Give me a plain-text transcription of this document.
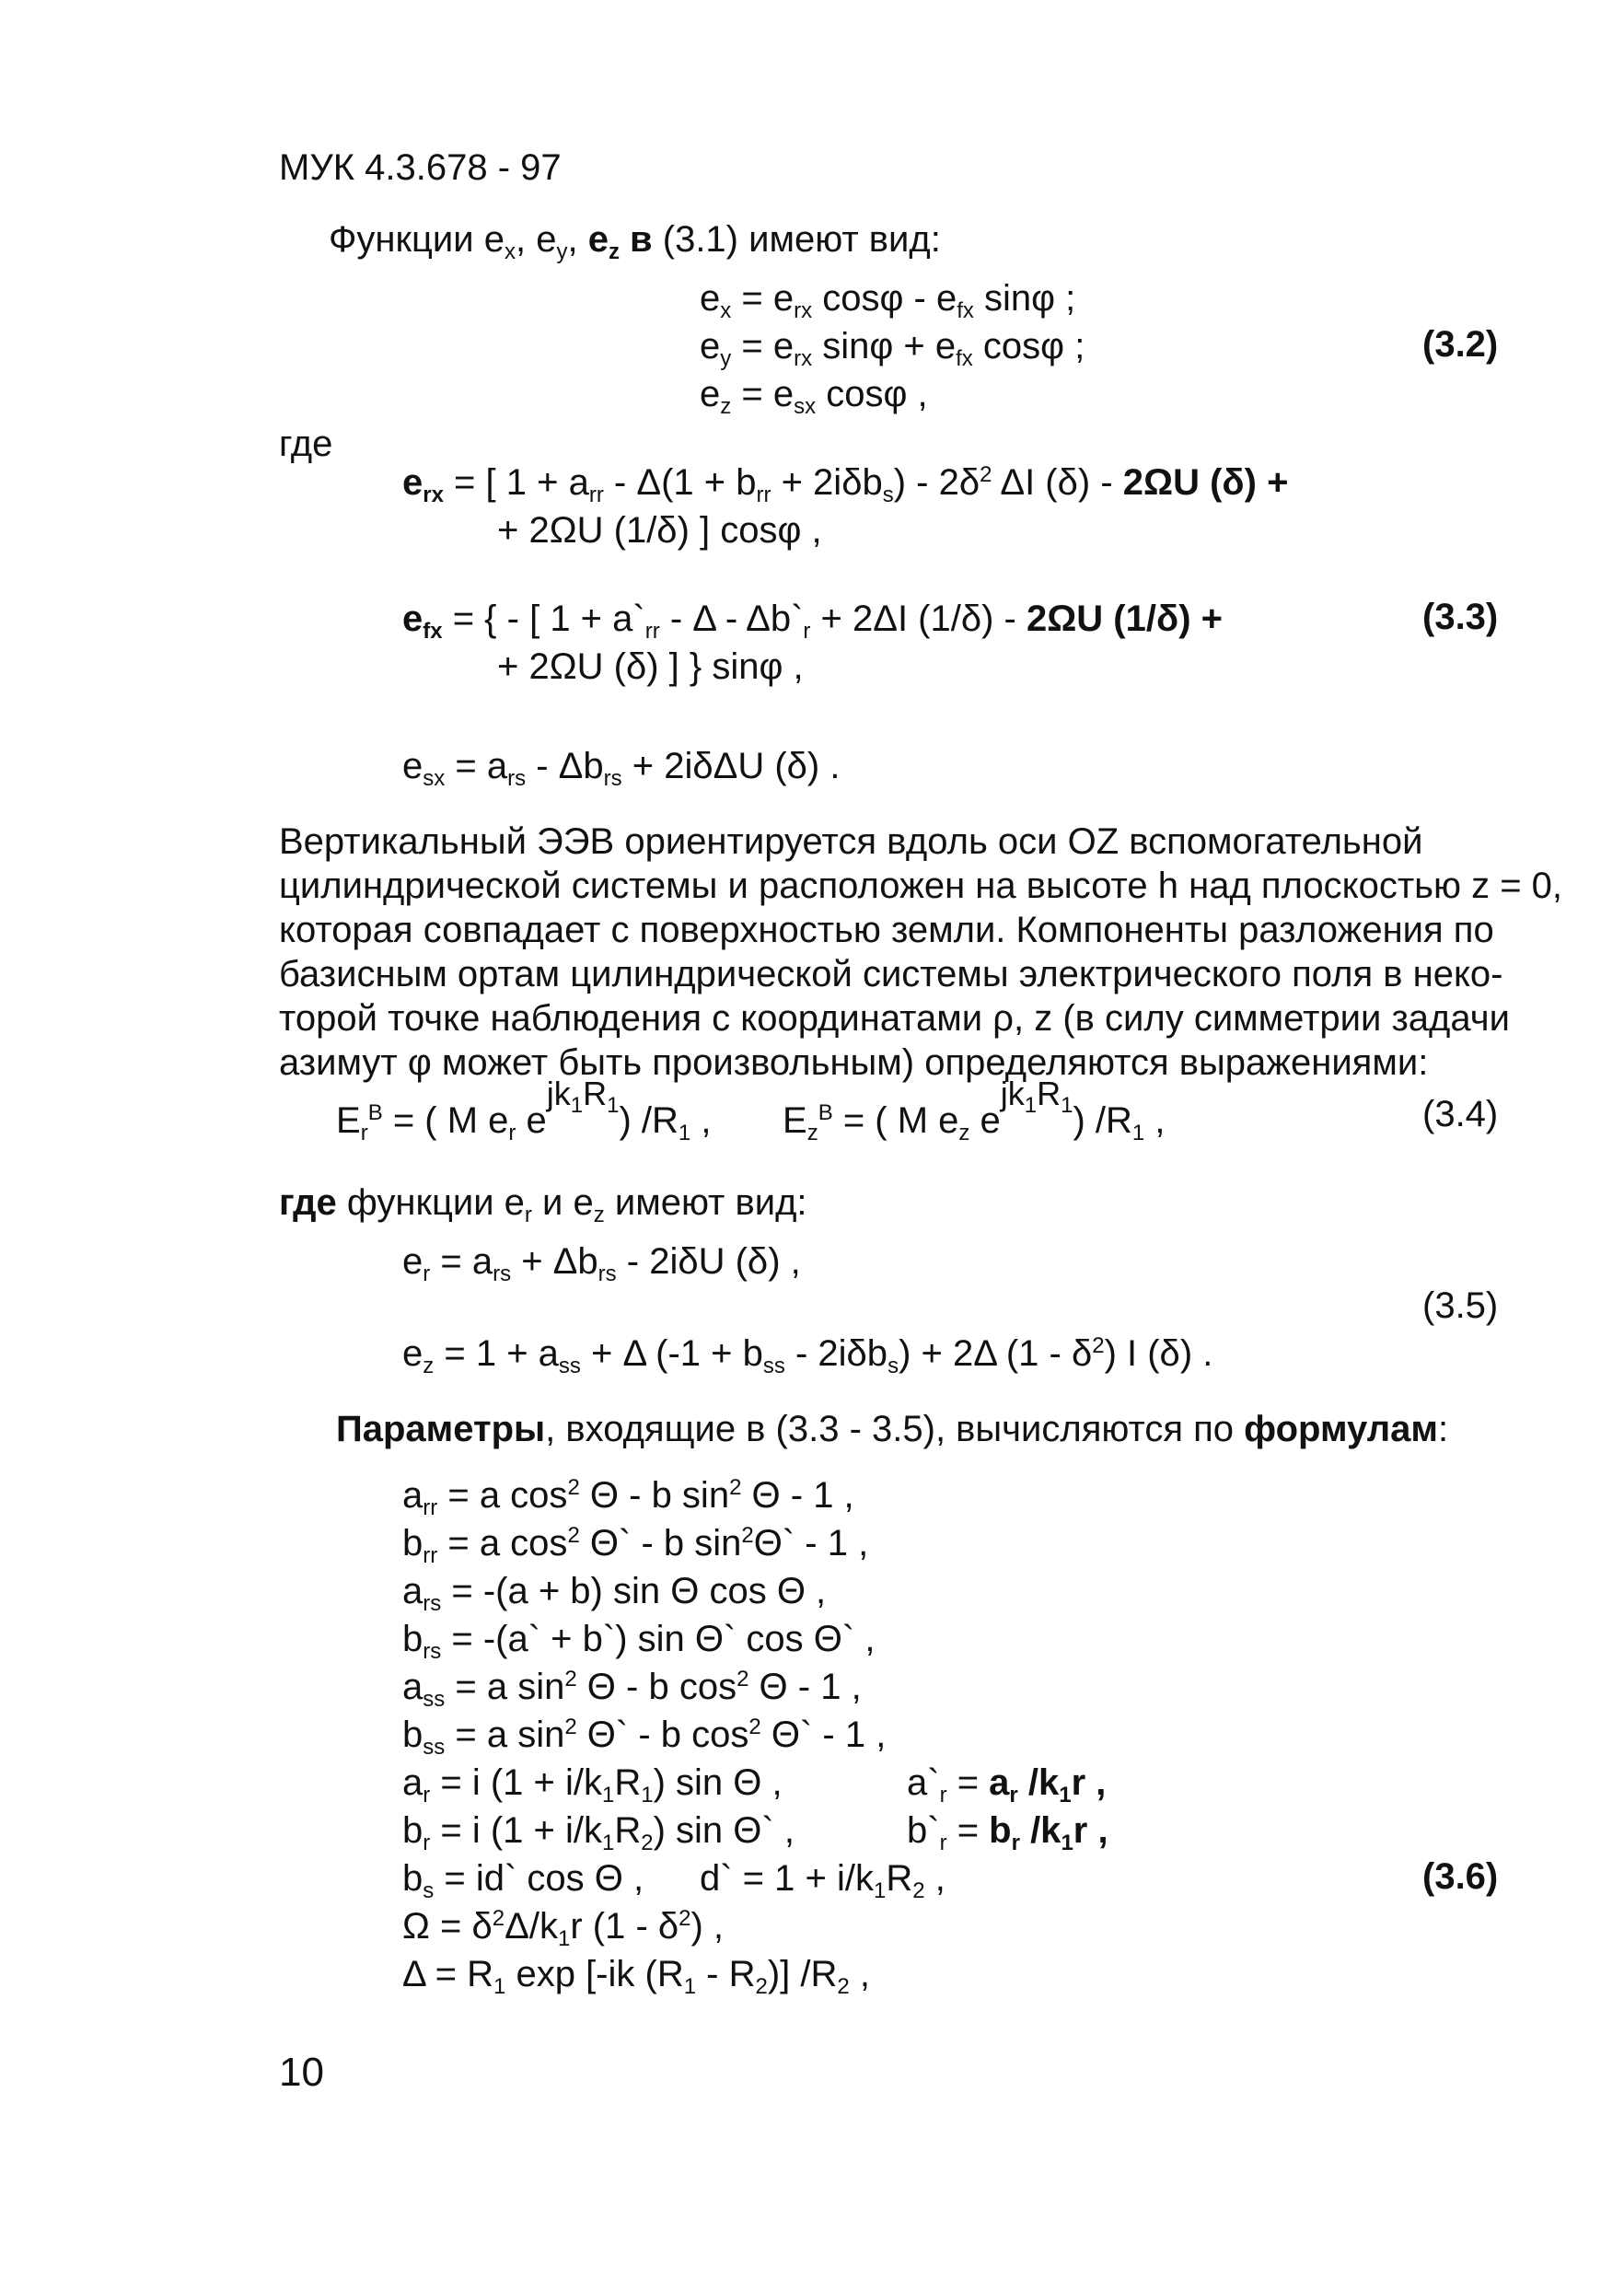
МУК 4.3.678 - 97
Функции $e_x$, $e_y$, $e_z$ в (3.1) имеют вид:
$e_x = e_{rx}$ cosφ - $e_{fx}$ sinφ ;
$e_y = e_{rx}$ $\sin\varphi + e_{fx}$ cosφ ;
$e_z = e_{sx}$ cosφ ,
(3.2)
где
$e_{rx}$ = [ $1 + a_{rr} - \Delta(1 + b_{rr} + 2i\delta b_s) - 2\delta^2$ ΔI (δ) - 2ΩU (δ) +
+ 2ΩU (1/δ) ] cosφ ,
$e_{fx}$ = { - [ $1 + a`_{rr} - \Delta$ - $\Delta b`_r + 2\Delta I$ (1/δ) - 2ΩU (1/δ) +
+ 2ΩU (δ) ] } sinφ ,
$e_{sx} = a_{rs} - \Delta b_{rs} + 2i\delta\Delta U$ (δ) .
(3.3)
Вертикальный ЭЭВ ориентируется вдоль оси OZ вспомогательной
цилиндрической системы и расположен на высоте h над плоскостью z = 0,
которая совпадает с поверхностью земли. Компоненты разложения по
базисным ортам цилиндрической системы электрического поля в неко-
торой точке наблюдения с координатами ρ, z (в силу симметрии задачи
азимут φ может быть произвольным) определяются выражениями:
$E_r^B$ = ( M $e_r$ $ejk_1R_1$) $/R_1$ , $E_z^B$ = ( M $e_z$ $ejk_1R_1$) $/R_1$ ,	(3.4)
где функции $e_r$ и $e_z$ имеют вид:
$e_r = a_{rs} + \Delta b_{rs} - 2i\delta U$ (δ) ,
$e_z = 1 + a_{ss} + \Delta$ $(-1 + b_{ss} - 2i\delta b_s) + 2\Delta$ $(1 - \delta^2)$ I (δ) .
(3.5)
Параметры, входящие в (3.3 - 3.5), вычисляются по формулам:
$a_{rr} = a$ $\cos^2 \Theta$ - b $\sin^2 \Theta - 1$ ,
$b_{rr} = a$ $\cos^2$ Θ` - b $\sin^2\Theta` - 1$ ,
$a_{rs} = -(a + b)$ sin Θ cos Θ ,
$b_{rs}$ = -(a` + b`) sin Θ` cos Θ` ,
$a_{ss} = a$ $\sin^2 \Theta$ - b $\cos^2 \Theta - 1$ ,
$b_{ss} = a$ $\sin^2$ Θ` - b $\cos^2$ Θ` - 1 ,
$a_r = i$ $(1 + i/k_1R_1)$ sin Θ ,	$a`_r = a_r$ $/k_1r$ ,
$b_r = i$ $(1 + i/k_1R_2)$ sin Θ` ,	$b`_r = b_r$ $/k_1r$ ,
$b_s$ = id` cos Θ , d` = $1 + i/k_1R_2$ ,
$\Omega = \delta^2\Delta/k_1r$ $(1 - \delta^2)$ ,
$\Delta = R_1$ exp [-ik $(R_1 - R_2)$] $/R_2$ ,
(3.6)
10
